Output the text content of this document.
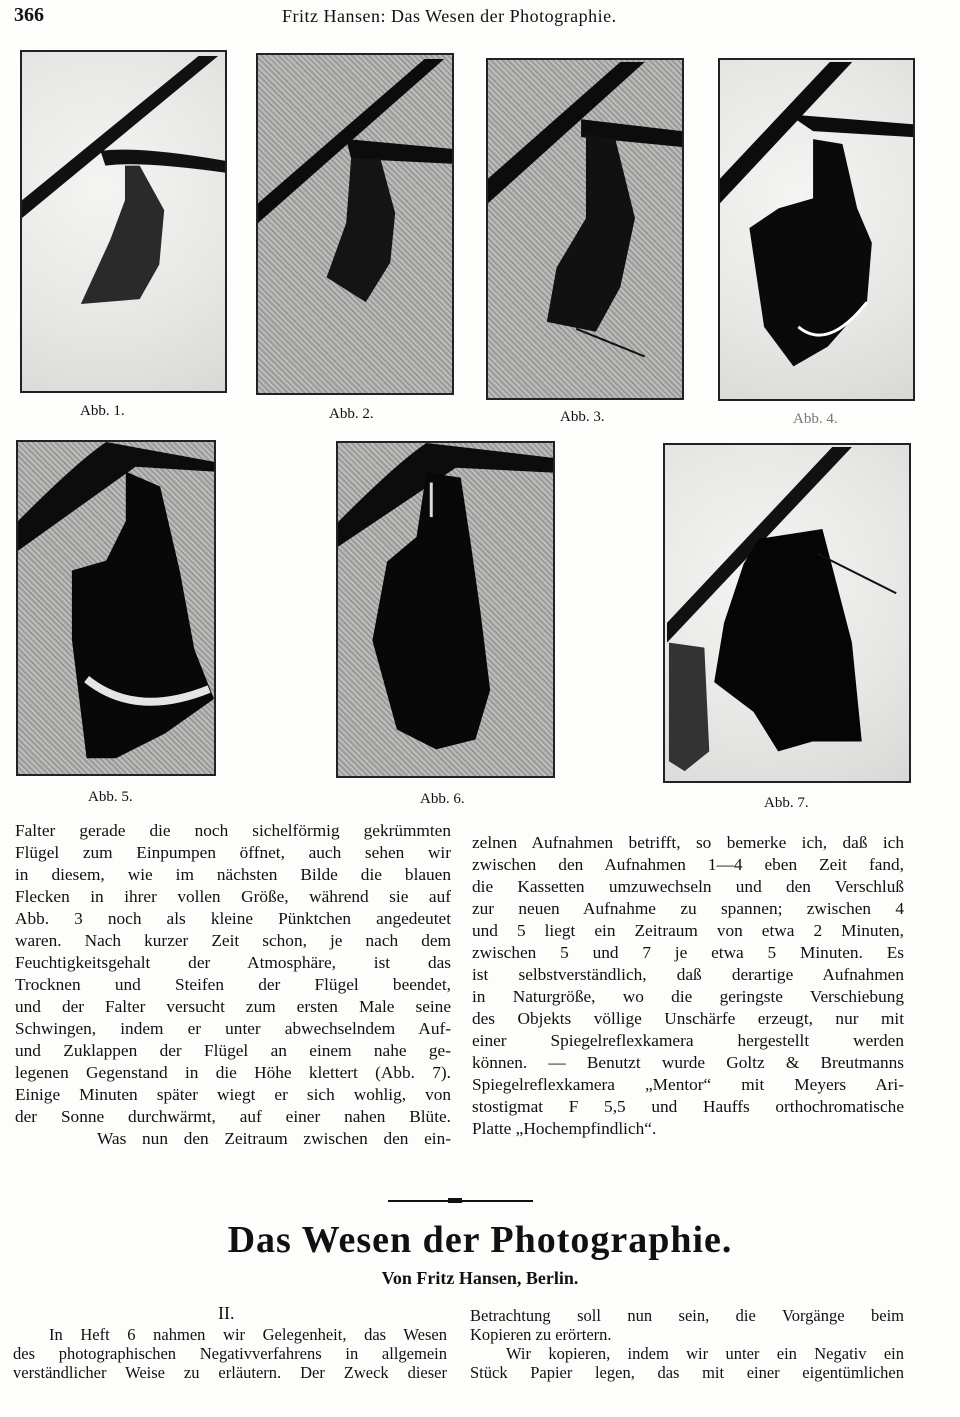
366	Fritz Hansen: Das Wesen der Photographie.
Abb. 1.	Abb. 2.	Abb. 3.	Abb. 4.
Abb. 5.	Abb. 6.	Abb. 7.
Falter gerade die noch sichelförmig gekrümmten
Flügel zum Einpumpen öffnet, auch sehen wir
in diesem, wie im nächsten Bilde die blauen
Flecken in ihrer vollen Größe, während sie auf
Abb. 3 noch als kleine Pünktchen angedeutet
waren. Nach kurzer Zeit schon, je nach dem
Feuchtigkeitsgehalt der Atmosphäre, ist das
Trocknen und Steifen der Flügel beendet,
und der Falter versucht zum ersten Male seine
Schwingen, indem er unter abwechselndem Auf-
und Zuklappen der Flügel an einem nahe ge-
legenen Gegenstand in die Höhe klettert (Abb. 7).
Einige Minuten später wiegt er sich wohlig, von
der Sonne durchwärmt, auf einer nahen Blüte.
Was nun den Zeitraum zwischen den ein-
zelnen Aufnahmen betrifft, so bemerke ich, daß ich
zwischen den Aufnahmen 1—4 eben Zeit fand,
die Kassetten umzuwechseln und den Verschluß
zur neuen Aufnahme zu spannen; zwischen 4
und 5 liegt ein Zeitraum von etwa 2 Minuten,
zwischen 5 und 7 je etwa 5 Minuten. Es
ist selbstverständlich, daß derartige Aufnahmen
in Naturgröße, wo die geringste Verschiebung
des Objekts völlige Unschärfe erzeugt, nur mit
einer Spiegelreflexkamera hergestellt werden
können. — Benutzt wurde Goltz & Breutmanns
Spiegelreflexkamera „Mentor“ mit Meyers Ari-
stostigmat F 5,5 und Hauffs orthochromatische
Platte „Hochempfindlich“.
Das Wesen der Photographie.
Von Fritz Hansen, Berlin.
II.
In Heft 6 nahmen wir Gelegenheit, das Wesen
des photographischen Negativverfahrens in allgemein
verständlicher Weise zu erläutern. Der Zweck dieser
Betrachtung soll nun sein, die Vorgänge beim
Kopieren zu erörtern.
Wir kopieren, indem wir unter ein Negativ ein
Stück Papier legen, das mit einer eigentümlichen
